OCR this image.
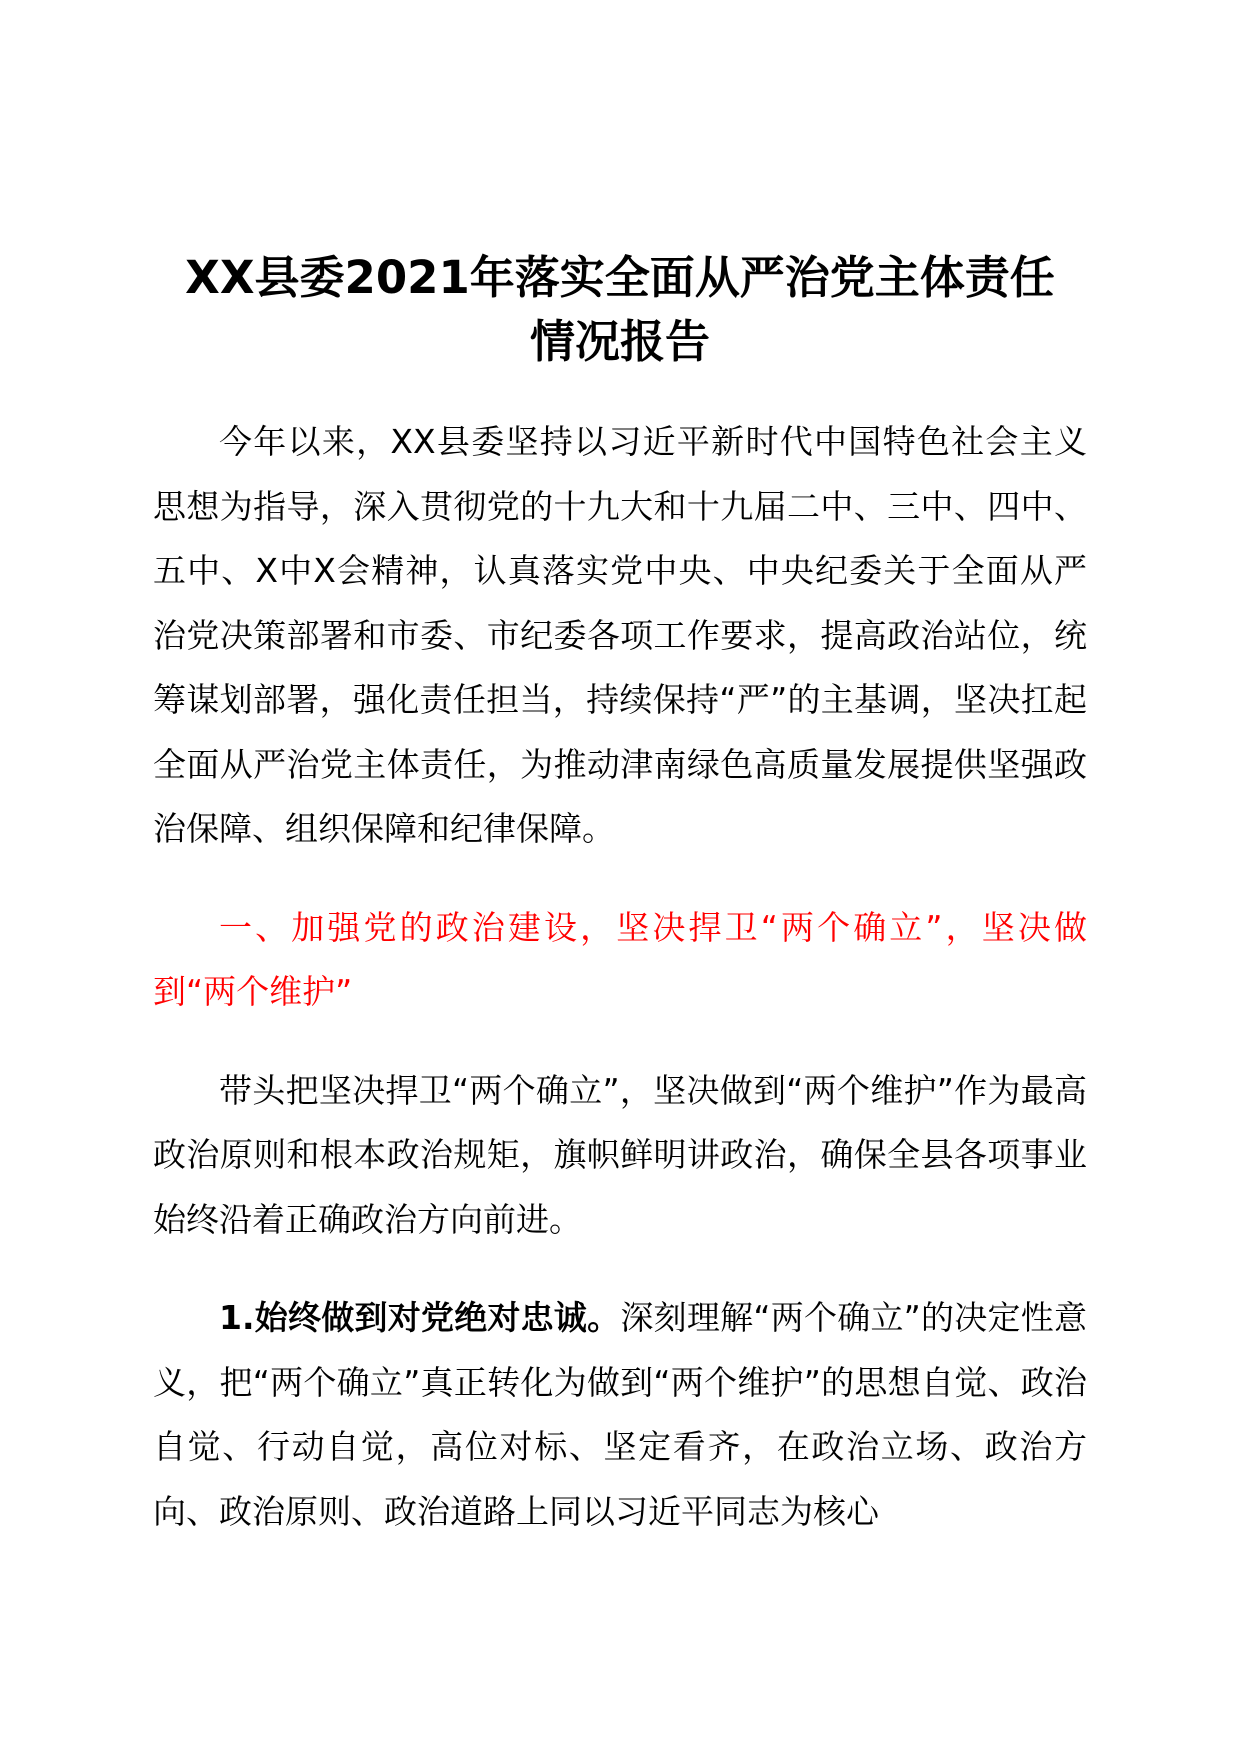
XX县委2021年落实全面从严治党主体责任
情况报告

今年以来，XX县委坚持以习近平新时代中国特色社会主义思想为指导，深入贯彻党的十九大和十九届二中、三中、四中、五中、X中X会精神，认真落实党中央、中央纪委关于全面从严治党决策部署和市委、市纪委各项工作要求，提高政治站位，统筹谋划部署，强化责任担当，持续保持“严”的主基调，坚决扛起全面从严治党主体责任，为推动津南绿色高质量发展提供坚强政治保障、组织保障和纪律保障。

一、加强党的政治建设，坚决捍卫“两个确立”，坚决做到“两个维护”

带头把坚决捍卫“两个确立”，坚决做到“两个维护”作为最高政治原则和根本政治规矩，旗帜鲜明讲政治，确保全县各项事业始终沿着正确政治方向前进。

1.始终做到对党绝对忠诚。深刻理解“两个确立”的决定性意义，把“两个确立”真正转化为做到“两个维护”的思想自觉、政治自觉、行动自觉，高位对标、坚定看齐，在政治立场、政治方向、政治原则、政治道路上同以习近平同志为核心
